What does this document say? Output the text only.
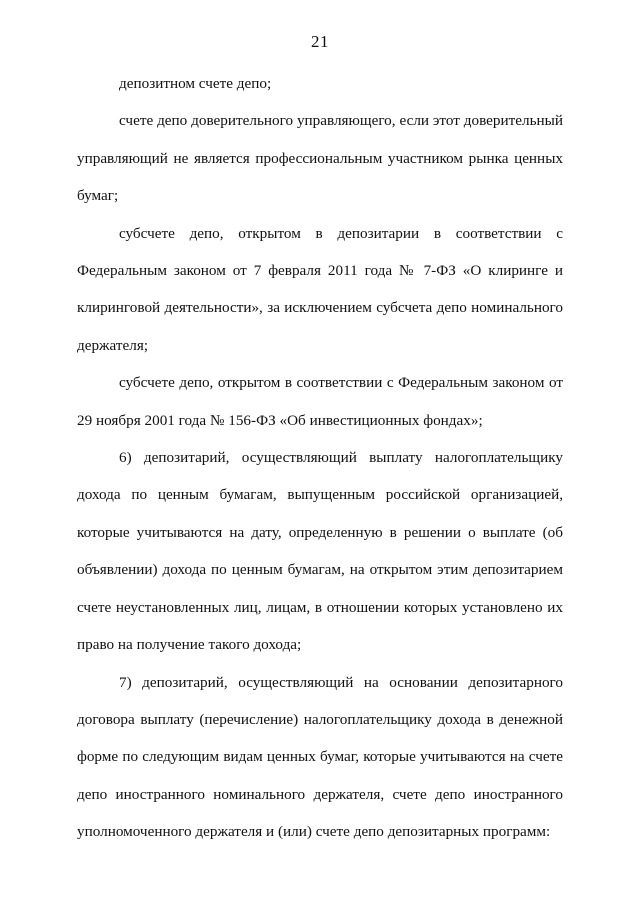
21

депозитном счете депо;

счете депо доверительного управляющего, если этот доверительный управляющий не является профессиональным участником рынка ценных бумаг;

субсчете депо, открытом в депозитарии в соответствии с Федеральным законом от 7 февраля 2011 года № 7-ФЗ «О клиринге и клиринговой деятельности», за исключением субсчета депо номинального держателя;

субсчете депо, открытом в соответствии с Федеральным законом от 29 ноября 2001 года № 156-ФЗ «Об инвестиционных фондах»;

6) депозитарий, осуществляющий выплату налогоплательщику дохода по ценным бумагам, выпущенным российской организацией, которые учитываются на дату, определенную в решении о выплате (об объявлении) дохода по ценным бумагам, на открытом этим депозитарием счете неустановленных лиц, лицам, в отношении которых установлено их право на получение такого дохода;

7) депозитарий, осуществляющий на основании депозитарного договора выплату (перечисление) налогоплательщику дохода в денежной форме по следующим видам ценных бумаг, которые учитываются на счете депо иностранного номинального держателя, счете депо иностранного уполномоченного держателя и (или) счете депо депозитарных программ:
